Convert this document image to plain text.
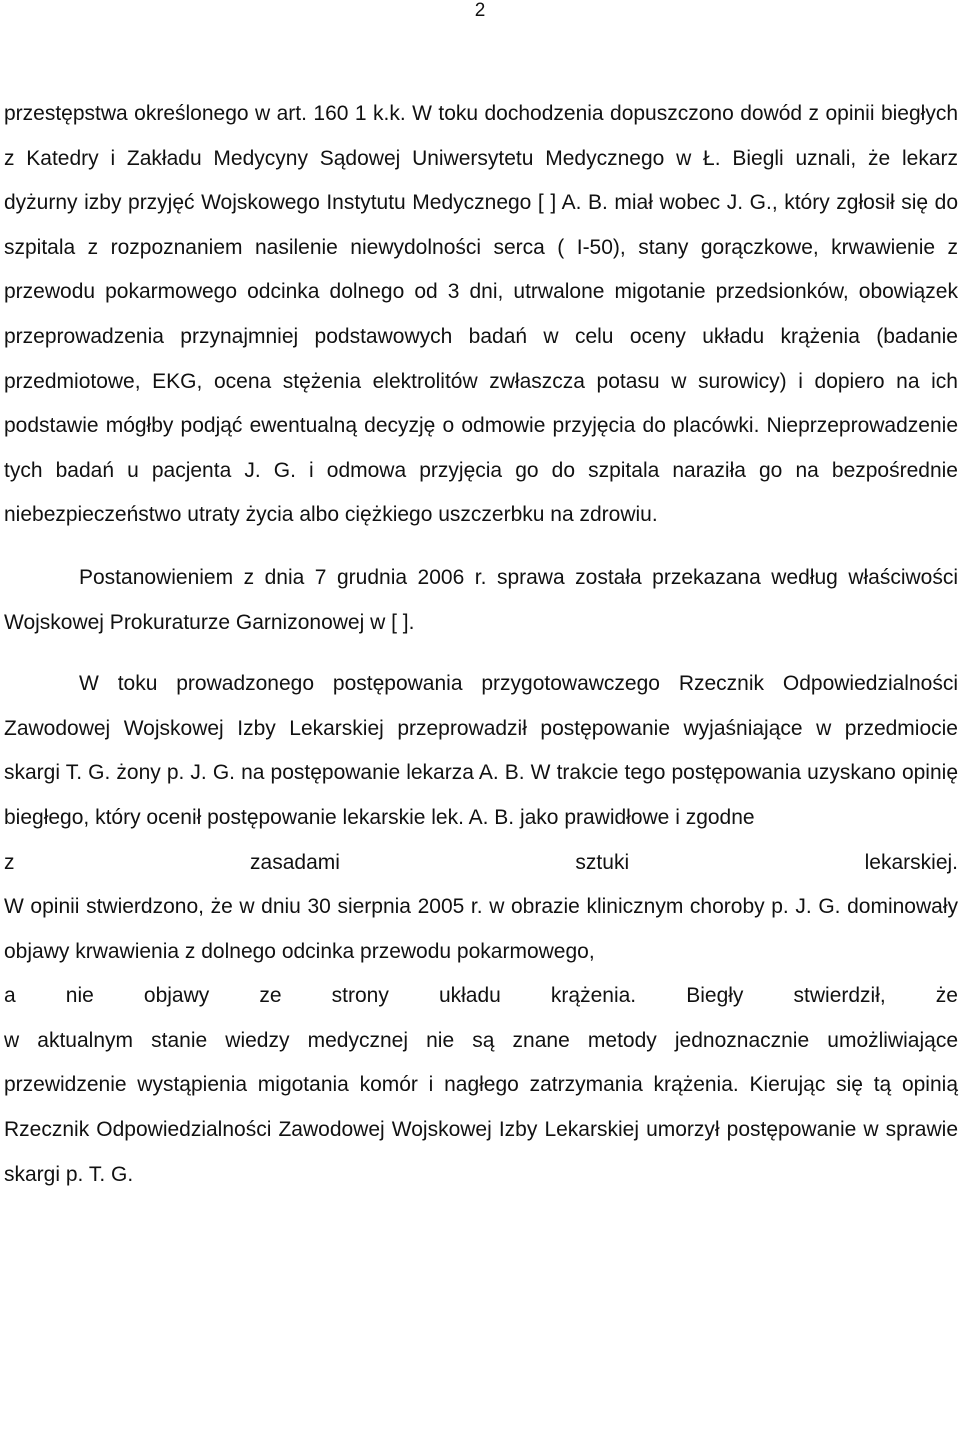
2

przestępstwa określonego w art. 160 1 k.k. W toku dochodzenia dopuszczono dowód z opinii biegłych z Katedry i Zakładu Medycyny Sądowej Uniwersytetu Medycznego w Ł. Biegli uznali, że lekarz dyżurny izby przyjęć Wojskowego Instytutu Medycznego [ ] A. B. miał wobec J. G., który zgłosił się do szpitala z rozpoznaniem nasilenie niewydolności serca ( I-50), stany gorączkowe, krwawienie z przewodu pokarmowego odcinka dolnego od 3 dni, utrwalone migotanie przedsionków, obowiązek przeprowadzenia przynajmniej podstawowych badań w celu oceny układu krążenia (badanie przedmiotowe, EKG, ocena stężenia elektrolitów zwłaszcza potasu w surowicy) i dopiero na ich podstawie mógłby podjąć ewentualną decyzję o odmowie przyjęcia do placówki. Nieprzeprowadzenie tych badań u pacjenta J. G. i odmowa przyjęcia go do szpitala naraziła go na bezpośrednie niebezpieczeństwo utraty życia albo ciężkiego uszczerbku na zdrowiu.

Postanowieniem z dnia 7 grudnia 2006 r. sprawa została przekazana według właściwości Wojskowej Prokuraturze Garnizonowej w [ ].

W toku prowadzonego postępowania przygotowawczego Rzecznik Odpowiedzialności Zawodowej Wojskowej Izby Lekarskiej przeprowadził postępowanie wyjaśniające w przedmiocie skargi T. G. żony p. J. G. na postępowanie lekarza A. B. W trakcie tego postępowania uzyskano opinię biegłego, który ocenił postępowanie lekarskie lek. A. B. jako prawidłowe i zgodne

z zasadami sztuki lekarskiej.

W opinii stwierdzono, że w dniu 30 sierpnia 2005 r. w obrazie klinicznym choroby p. J. G. dominowały objawy krwawienia z dolnego odcinka przewodu pokarmowego,

a nie objawy ze strony układu krążenia. Biegły stwierdził, że

w aktualnym stanie wiedzy medycznej nie są znane metody jednoznacznie umożliwiające przewidzenie wystąpienia migotania komór i nagłego zatrzymania krążenia. Kierując się tą opinią Rzecznik Odpowiedzialności Zawodowej Wojskowej Izby Lekarskiej umorzył postępowanie w sprawie skargi p. T. G.
